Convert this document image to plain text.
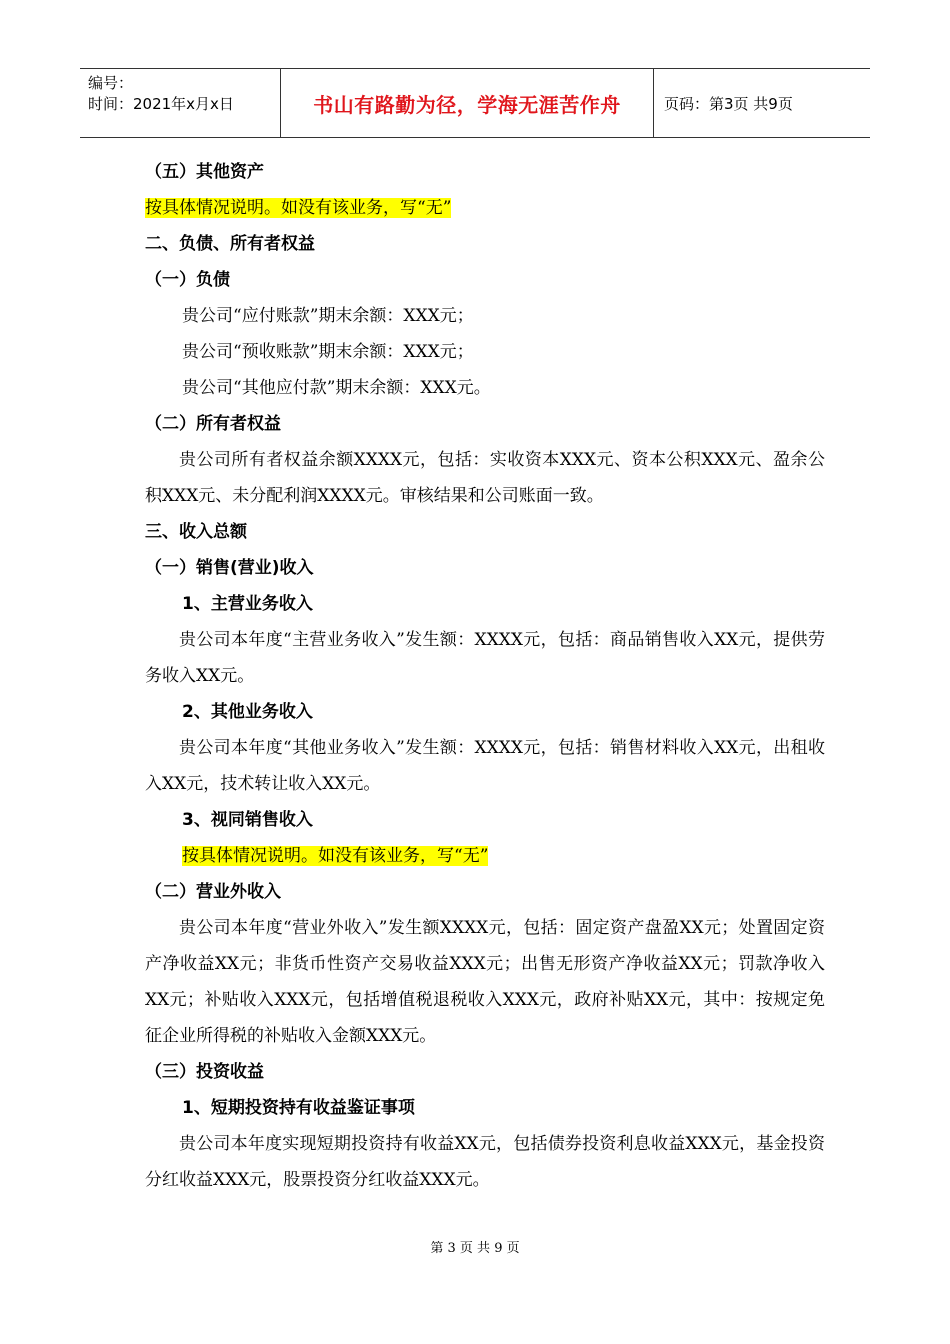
编号：
时间：2021年x月x日	书山有路勤为径，学海无涯苦作舟	页码：第3页 共9页
（五）其他资产
按具体情况说明。如没有该业务，写“无”
二、负债、所有者权益
（一）负债
贵公司“应付账款”期末余额：XXX元；
贵公司“预收账款”期末余额：XXX元；
贵公司“其他应付款”期末余额：XXX元。
（二）所有者权益
贵公司所有者权益余额XXXX元，包括：实收资本XXX元、资本公积XXX元、盈余公积XXX元、未分配利润XXXX元。审核结果和公司账面一致。
三、收入总额
（一）销售(营业)收入
1、主营业务收入
贵公司本年度“主营业务收入”发生额：XXXX元，包括：商品销售收入XX元，提供劳务收入XX元。
2、其他业务收入
贵公司本年度“其他业务收入”发生额：XXXX元，包括：销售材料收入XX元，出租收入XX元，技术转让收入XX元。
3、视同销售收入
按具体情况说明。如没有该业务，写“无”
（二）营业外收入
贵公司本年度“营业外收入”发生额XXXX元，包括：固定资产盘盈XX元；处置固定资产净收益XX元；非货币性资产交易收益XXX元；出售无形资产净收益XX元；罚款净收入XX元；补贴收入XXX元，包括增值税退税收入XXX元，政府补贴XX元，其中：按规定免征企业所得税的补贴收入金额XXX元。
（三）投资收益
1、短期投资持有收益鉴证事项
贵公司本年度实现短期投资持有收益XX元，包括债券投资利息收益XXX元，基金投资分红收益XXX元，股票投资分红收益XXX元。
第 3 页 共 9 页
